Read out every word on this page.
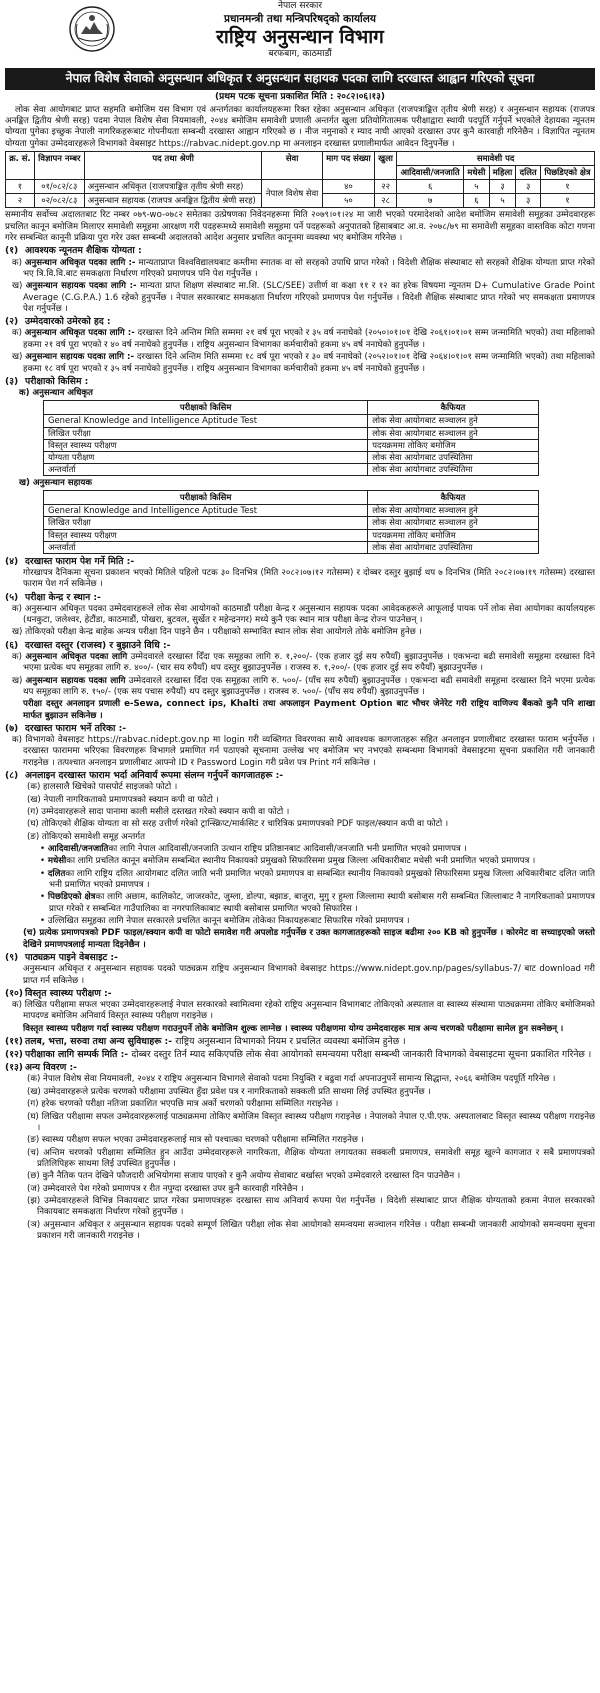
नेपाल सरकार
प्रधानमन्त्री तथा मन्त्रिपरिषद्‌को कार्यालय
राष्ट्रिय अनुसन्धान विभाग
बरफबाग, काठमाडौं
नेपाल विशेष सेवाको अनुसन्धान अधिकृत र अनुसन्धान सहायक पदका लागि दरखास्त आह्वान गरिएको सूचना
(प्रथम पटक सूचना प्रकाशित मिति : २०८२।०६।१३)

लोक सेवा आयोगबाट प्राप्त सहमति बमोजिम यस विभाग एवं अन्तर्गतका कार्यालयहरूमा रिक्त रहेका अनुसन्धान अधिकृत (राजपत्राङ्कित तृतीय श्रेणी सरह) र अनुसन्धान सहायक (राजपत्र अनङ्कित द्वितीय श्रेणी सरह) पदमा नेपाल विशेष सेवा नियमावली, २०४४ बमोजिम समावेशी प्रणाली अन्तर्गत खुला प्रतियोगितात्मक परीक्षाद्वारा स्थायी पदपूर्ति गर्नुपर्ने भएकोले देहायका न्यूनतम योग्यता पुगेका इच्छुक नेपाली नागरिकहरूबाट गोपनीयता सम्बन्धी दरखास्त आह्वान गरिएको छ । नीज नमुनाको र म्याद नाघी आएको दरखास्त उपर कुनै कारवाही गरिनेछैन । विज्ञापित न्यूनतम योग्यता पुगेका उम्मेदवारहरूले विभागको वेबसाइट https://rabvac.nidept.gov.np मा अनलाइन दरखास्त प्रणालीमार्फत आवेदन दिनुपर्नेछ ।

क्र. सं.	विज्ञापन नम्बर	पद तथा श्रेणी	सेवा	माग पद संख्या	खुला	समावेशी पद				
						आदिवासी/जनजाति	मधेसी	महिला	दलित	पिछडिएको क्षेत्र
१	०१/०८२/८३	अनुसन्धान अधिकृत (राजपत्राङ्कित तृतीय श्रेणी सरह)	नेपाल विशेष सेवा	४०	२२	६	५	३	३	१
२	०२/०८२/८३	अनुसन्धान सहायक (राजपत्र अनङ्कित द्वितीय श्रेणी सरह)		५०	२८	७	६	५	३	१

सम्मानीय सर्वोच्च अदालतबाट रिट नम्बर ०७९-wo-०७८२ समेतका उत्प्रेषणका निवेदनहरूमा मिति २०७९।०१।२४ मा जारी भएको परमादेशको आदेश बमोजिम समावेशी समूहका उम्मेदवारहरू प्रचलित कानून बमोजिम मिलाएर समावेशी समूहमा आरक्षण गरी पदहरूमध्ये समावेशी समूहमा पर्ने पदहरूको अनुपातको हिसाबबाट आ.व. २०७८/७९ मा समावेशी समूहका वास्तविक कोटा गणना गरेर सम्बन्धित कानूनी प्रक्रिया पुरा गरेर उक्त सम्बन्धी अदालतको आदेश अनुसार प्रचलित कानूनमा व्यवस्था भए बमोजिम गरिनेछ ।

(१) आवश्यक न्यूनतम शैक्षिक योग्यता :
क) अनुसन्धान अधिकृत पदका लागि :- मान्यताप्राप्त विश्वविद्यालयबाट कम्तीमा स्नातक वा सो सरहको उपाधि प्राप्त गरेको । विदेशी शैक्षिक संस्थाबाट सो सरहको शैक्षिक योग्यता प्राप्त गरेको भए त्रि.वि.वि.बाट समकक्षता निर्धारण गरिएको प्रमाणपत्र पनि पेश गर्नुपर्नेछ ।
ख) अनुसन्धान सहायक पदका लागि :- मान्यता प्राप्त शिक्षण संस्थाबाट मा.शि. (SLC/SEE) उत्तीर्ण वा कक्षा ११ र १२ का हरेक विषयमा न्यूनतम D+ Cumulative Grade Point Average (C.G.P.A.) 1.6 रहेको हुनुपर्नेछ । नेपाल सरकारबाट समकक्षता निर्धारण गरिएको प्रमाणपत्र पेश गर्नुपर्नेछ । विदेशी शैक्षिक संस्थाबाट प्राप्त गरेको भए समकक्षता प्रमाणपत्र पेश गर्नुपर्नेछ ।
(२) उम्मेदवारको उमेरको हद :
क) अनुसन्धान अधिकृत पदका लागि :- दरखास्त दिने अन्तिम मिति सम्ममा २१ वर्ष पूरा भएको र ३५ वर्ष ननाघेको (२०५०।०१।०१ देखि २०६१।०१।०१ सम्म जन्मामिति भएको) तथा महिलाको हकमा २१ वर्ष पूरा भएको र ४० वर्ष ननाघेको हुनुपर्नेछ । राष्ट्रिय अनुसन्धान विभागका कर्मचारीको हकमा ४५ वर्ष ननाघेको हुनुपर्नेछ ।
ख) अनुसन्धान सहायक पदका लागि :- दरखास्त दिने अन्तिम मिति सम्ममा १८ वर्ष पूरा भएको र ३० वर्ष ननाघेको (२०५२।०१।०१ देखि २०६४।०१।०१ सम्म जन्मामिति भएको) तथा महिलाको हकमा १८ वर्ष पूरा भएको र ३५ वर्ष ननाघेको हुनुपर्नेछ । राष्ट्रिय अनुसन्धान विभागका कर्मचारीको हकमा ४५ वर्ष ननाघेको हुनुपर्नेछ ।
(३) परीक्षाको किसिम :
क) अनुसन्धान अधिकृत
परीक्षाको किसिम	कैफियत
General Knowledge and Intelligence Aptitude Test	लोक सेवा आयोगबाट सञ्चालन हुने
लिखित परीक्षा	लोक सेवा आयोगबाट सञ्चालन हुने
विस्तृत स्वास्थ्य परीक्षण	पदयक्रममा तोकिए बमोजिम
योग्यता परीक्षण	लोक सेवा आयोगबाट उपस्थितिमा
अन्तर्वार्ता	लोक सेवा आयोगबाट उपस्थितिमा
ख) अनुसन्धान सहायक
परीक्षाको किसिम	कैफियत
General Knowledge and Intelligence Aptitude Test	लोक सेवा आयोगबाट सञ्चालन हुने
लिखित परीक्षा	लोक सेवा आयोगबाट सञ्चालन हुने
विस्तृत स्वास्थ्य परीक्षण	पदयक्रममा तोकिए बमोजिम
अन्तर्वार्ता	लोक सेवा आयोगबाट उपस्थितिमा
(४) दरखास्त फाराम पेश गर्ने मिति :-

गोरखापत्र दैनिकमा सूचना प्रकाशन भएको मितिले पहिलो पटक ३० दिनभित्र (मिति २०८२।०७।१२ गतेसम्म) र दोब्बर दस्तुर बुझाई थप ७ दिनभित्र (मिति २०८२।०७।१९ गतेसम्म) दरखास्त फाराम पेश गर्न सकिनेछ ।

(५) परीक्षा केन्द्र र स्थान :-
क) अनुसन्धान अधिकृत पदका उम्मेदवारहरूले लोक सेवा आयोगको काठमाडौं परीक्षा केन्द्र र अनुसन्धान सहायक पदका आवेदकहरूले आफूलाई पायक पर्ने लोक सेवा आयोगका कार्यालयहरू (धनकुटा, जलेश्वर, हेटौंडा, काठमाडौं, पोखरा, बुटवल, सुर्खेत र महेन्द्रनगर) मध्ये कुनै एक स्थान मात्र परीक्षा केन्द्र रोज्न पाउनेछन् ।
ख) तोकिएको परीक्षा केन्द्र बाहेक अन्यत्र परीक्षा दिन पाइने छैन । परीक्षाको सम्भावित स्थान लोक सेवा आयोगले तोके बमोजिम हुनेछ ।
(६) दरखास्त दस्तुर (राजस्व) र बुझाउने विधि :-
क) अनुसन्धान अधिकृत पदका लागि उम्मेदवारले दरखास्त दिँदा एक समूहका लागि रु. १,२००/- (एक हजार दुई सय रुपैयाँ) बुझाउनुपर्नेछ । एकभन्दा बढी समावेशी समूहमा दरखास्त दिने भएमा प्रत्येक थप समूहका लागि रु. ४००/- (चार सय रुपैयाँ) थप दस्तुर बुझाउनुपर्नेछ । राजस्व रु. १,२००/- (एक हजार दुई सय रुपैयाँ) बुझाउनुपर्नेछ ।
ख) अनुसन्धान सहायक पदका लागि उम्मेदवारले दरखास्त दिँदा एक समूहका लागि रु. ५००/- (पाँच सय रुपैयाँ) बुझाउनुपर्नेछ । एकभन्दा बढी समावेशी समूहमा दरखास्त दिने भएमा प्रत्येक थप समूहका लागि रु. १५०/- (एक सय पचास रुपैयाँ) थप दस्तुर बुझाउनुपर्नेछ । राजस्व रु. ५००/- (पाँच सय रुपैयाँ) बुझाउनुपर्नेछ ।

परीक्षा दस्तुर अनलाइन प्रणाली e-Sewa, connect ips, Khalti तथा अफलाइन Payment Option बाट भौचर जेनेरेट गरी राष्ट्रिय वाणिज्य बैंकको कुनै पनि शाखा मार्फत बुझाउन सकिनेछ ।

(७) दरखास्त फाराम भर्ने तरिका :-
क) विभागको वेबसाइट https://rabvac.nidept.gov.np मा login गरी व्यक्तिगत विवरणका साथै आवश्यक कागजातहरू सहित अनलाइन प्रणालीबाट दरखास्त फाराम भर्नुपर्नेछ । दरखास्त फाराममा भरिएका विवरणहरू विभागले प्रमाणित गर्न पठाएको सूचनामा उल्लेख भए बमोजिम भए नभएको सम्बन्धमा विभागको वेबसाइटमा सूचना प्रकाशित गरी जानकारी गराइनेछ । तत्पश्चात अनलाइन प्रणालीबाट आफ्नो ID र Password Login गरी प्रवेश पत्र Print गर्न सकिनेछ ।
(८) अनलाइन दरखास्त फाराम भर्दा अनिवार्य रूपमा संलग्न गर्नुपर्ने कागजातहरू :-
(क) हालसालै खिचेको पासपोर्ट साइजको फोटो ।
(ख) नेपाली नागरिकताको प्रमाणपत्रको स्क्यान कपी वा फोटो ।
(ग) उम्मेदवारहरूले सादा पानामा काली मसीले दस्तखत गरेको स्क्यान कपी वा फोटो ।
(घ) तोकिएको शैक्षिक योग्यता वा सो सरह उत्तीर्ण गरेको ट्रान्स्क्रिप्ट/मार्कसिट र चारित्रिक प्रमाणपत्रको PDF फाइल/स्क्यान कपी वा फोटो ।
(ङ) तोकिएको समावेशी समूह अन्तर्गत
• आदिवासी/जनजातिका लागि नेपाल आदिवासी/जनजाति उत्थान राष्ट्रिय प्रतिष्ठानबाट आदिवासी/जनजाति भनी प्रमाणित भएको प्रमाणपत्र ।
• मधेसीका लागि प्रचलित कानून बमोजिम सम्बन्धित स्थानीय निकायको प्रमुखको सिफारिसमा प्रमुख जिल्ला अधिकारीबाट मधेसी भनी प्रमाणित भएको प्रमाणपत्र ।
• दलितका लागि राष्ट्रिय दलित आयोगबाट दलित जाति भनी प्रमाणित भएको प्रमाणपत्र वा सम्बन्धित स्थानीय निकायको प्रमुखको सिफारिसमा प्रमुख जिल्ला अधिकारीबाट दलित जाति भनी प्रमाणित भएको प्रमाणपत्र ।
• पिछडिएको क्षेत्रका लागि अछाम, कालिकोट, जाजरकोट, जुम्ला, डोल्पा, बझाङ, बाजुरा, मुगु र हुम्ला जिल्लामा स्थायी बसोबास गरी सम्बन्धित जिल्लाबाट नै नागरिकताको प्रमाणपत्र प्राप्त गरेको र सम्बन्धित गाउँपालिका वा नगरपालिकाबाट स्थायी बसोबास प्रमाणित भएको सिफारिस ।
• उल्लिखित समूहका लागि नेपाल सरकारले प्रचलित कानून बमोजिम तोकेका निकायहरूबाट सिफारिस गरेको प्रमाणपत्र ।

(च) प्रत्येक प्रमाणपत्रको PDF फाइल/स्क्यान कपी वा फोटो समावेश गरी अपलोड गर्नुपर्नेछ र उक्त कागजातहरूको साइज बढीमा २०० KB को हुनुपर्नेछ । कोरमेट वा सच्याइएको जस्तो देखिने प्रमाणपत्रलाई मान्यता दिइनेछैन ।

(९) पाठ्यक्रम पाइने वेबसाइट :-

अनुसन्धान अधिकृत र अनुसन्धान सहायक पदको पाठ्यक्रम राष्ट्रिय अनुसन्धान विभागको वेबसाइट https://www.nidept.gov.np/pages/syllabus-7/ बाट download गरी प्राप्त गर्न सकिनेछ ।

(१०) विस्तृत स्वास्थ्य परीक्षण :-
क) लिखित परीक्षामा सफल भएका उम्मेदवारहरूलाई नेपाल सरकारको स्वामित्वमा रहेको राष्ट्रिय अनुसन्धान विभागबाट तोकिएको अस्पताल वा स्वास्थ्य संस्थामा पाठ्यक्रममा तोकिए बमोजिमको मापदण्ड बमोजिम अनिवार्य विस्तृत स्वास्थ्य परीक्षण गराइनेछ ।

विस्तृत स्वास्थ्य परीक्षण गर्दा स्वास्थ्य परीक्षण गराउनुपर्ने तोके बमोजिम शुल्क लाग्नेछ । स्वास्थ्य परीक्षणमा योग्य उम्मेदवारहरू मात्र अन्य चरणको परीक्षामा सामेल हुन सक्नेछन् ।

(११) तलब, भत्ता, सरुवा तथा अन्य सुविधाहरू :- राष्ट्रिय अनुसन्धान विभागको नियम र प्रचलित व्यवस्था बमोजिम हुनेछ ।
(१२) परीक्षाका लागि सम्पर्क मिति :- दोब्बर दस्तुर तिर्न म्याद सकिएपछि लोक सेवा आयोगको समन्वयमा परीक्षा सम्बन्धी जानकारी विभागको वेबसाइटमा सूचना प्रकाशित गरिनेछ ।
(१३) अन्य विवरण :-
(क) नेपाल विशेष सेवा नियमावली, २०४४ र राष्ट्रिय अनुसन्धान विभागले सेवाको पदमा नियुक्ति र बढुवा गर्दा अपनाउनुपर्ने सामान्य सिद्धान्त, २०६६ बमोजिम पदपूर्ति गरिनेछ ।
(ख) उम्मेदवारहरूले प्रत्येक चरणको परीक्षामा उपस्थित हुँदा प्रवेश पत्र र नागरिकताको सक्कली प्रति साथमा लिई उपस्थित हुनुपर्नेछ ।
(ग) हरेक चरणको परीक्षा नतिजा प्रकाशित भएपछि मात्र अर्को चरणको परीक्षामा सम्मिलित गराइनेछ ।
(घ) लिखित परीक्षामा सफल उम्मेदवारहरूलाई पाठ्यक्रममा तोकिए बमोजिम विस्तृत स्वास्थ्य परीक्षण गराइनेछ । नेपालको नेपाल ए.पी.एफ. अस्पतालबाट विस्तृत स्वास्थ्य परीक्षण गराइनेछ ।
(ङ) स्वास्थ्य परीक्षण सफल भएका उम्मेदवारहरूलाई मात्र सो पश्चात्का चरणको परीक्षामा सम्मिलित गराइनेछ ।
(च) अन्तिम चरणको परीक्षामा सम्मिलित हुन आउँदा उम्मेदवारहरूले नागरिकता, शैक्षिक योग्यता लगायतका सक्कली प्रमाणपत्र, समावेशी समूह खुल्ने कागजात र सबै प्रमाणपत्रको प्रतिलिपिहरू साथमा लिई उपस्थित हुनुपर्नेछ ।
(छ) कुनै नैतिक पतन देखिने फौजदारी अभियोगमा सजाय पाएको र कुनै अयोग्य सेवाबाट बर्खास्त भएको उम्मेदवारले दरखास्त दिन पाउनेछैन ।
(ज) उम्मेदवारले पेश गरेको प्रमाणपत्र र रीत नपुग्दा दरखास्त उपर कुनै कारवाही गरिनेछैन ।
(झ) उम्मेदवारहरूले विभिन्न निकायबाट प्राप्त गरेका प्रमाणपत्रहरू दरखास्त साथ अनिवार्य रूपमा पेश गर्नुपर्नेछ । विदेशी संस्थाबाट प्राप्त शैक्षिक योग्यताको हकमा नेपाल सरकारको निकायबाट समकक्षता निर्धारण गरेको हुनुपर्नेछ ।
(ञ) अनुसन्धान अधिकृत र अनुसन्धान सहायक पदको सम्पूर्ण लिखित परीक्षा लोक सेवा आयोगको समन्वयमा सञ्चालन गरिनेछ । परीक्षा सम्बन्धी जानकारी आयोगको समन्वयमा सूचना प्रकाशन गरी जानकारी गराइनेछ ।
